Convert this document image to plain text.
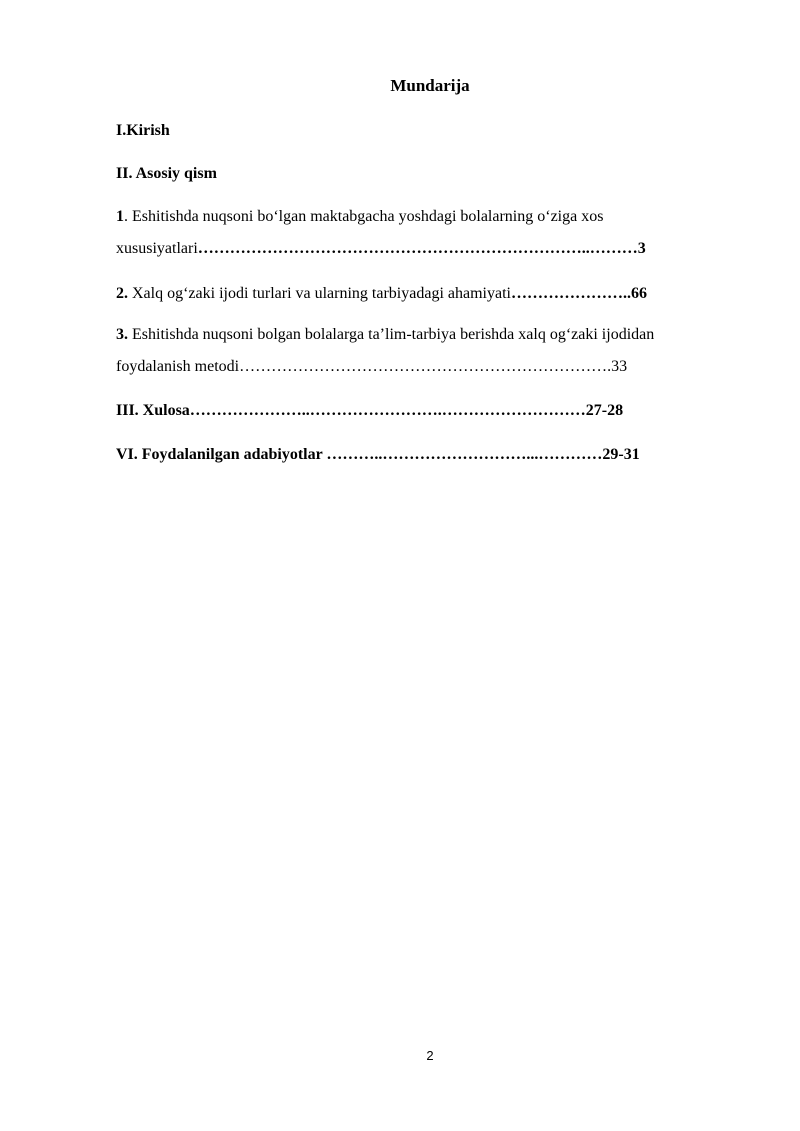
Mundarija
I.Kirish
II. Asosiy qism
1. Eshitishda nuqsoni bo‘lgan maktabgacha yoshdagi bolalarning o‘ziga xos
xususiyatlari………………………………………………………………..………3
2. Xalq og‘zaki ijodi turlari va ularning tarbiyadagi ahamiyati…………………..66
3. Eshitishda nuqsoni bolgan bolalarga ta’lim-tarbiya berishda xalq og‘zaki ijodidan
foydalanish metodi…………………………………………………………….33
III. Xulosa…………………..…………………….………………………27-28
VI. Foydalanilgan adabiyotlar ………..………………………...…………29-31
2
